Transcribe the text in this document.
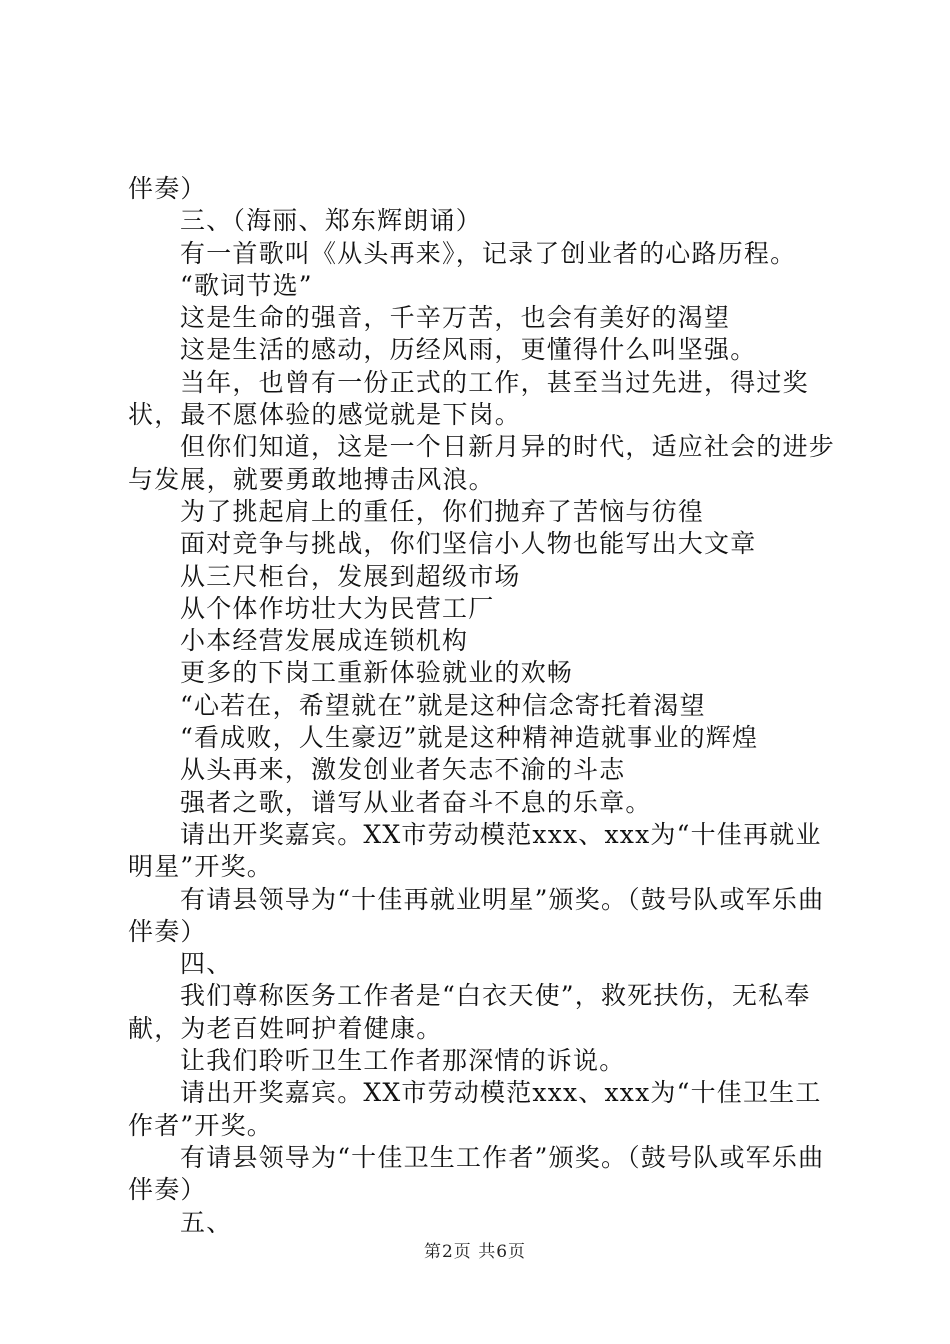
伴奏）

三、（海丽、郑东辉朗诵）

有一首歌叫《从头再来》，记录了创业者的心路历程。

“歌词节选”

这是生命的强音，千辛万苦，也会有美好的渴望

这是生活的感动，历经风雨，更懂得什么叫坚强。

当年，也曾有一份正式的工作，甚至当过先进，得过奖状，最不愿体验的感觉就是下岗。

但你们知道，这是一个日新月异的时代，适应社会的进步与发展，就要勇敢地搏击风浪。

为了挑起肩上的重任，你们抛弃了苦恼与彷徨

面对竞争与挑战，你们坚信小人物也能写出大文章

从三尺柜台，发展到超级市场

从个体作坊壮大为民营工厂

小本经营发展成连锁机构

更多的下岗工重新体验就业的欢畅

“心若在，希望就在”就是这种信念寄托着渴望

“看成败，人生豪迈”就是这种精神造就事业的辉煌

从头再来，激发创业者矢志不渝的斗志

强者之歌，谱写从业者奋斗不息的乐章。

请出开奖嘉宾。XX市劳动模范xxx、xxx为“十佳再就业明星”开奖。

有请县领导为“十佳再就业明星”颁奖。（鼓号队或军乐曲伴奏）

四、

我们尊称医务工作者是“白衣天使”，救死扶伤，无私奉献，为老百姓呵护着健康。

让我们聆听卫生工作者那深情的诉说。

请出开奖嘉宾。XX市劳动模范xxx、xxx为“十佳卫生工作者”开奖。

有请县领导为“十佳卫生工作者”颁奖。（鼓号队或军乐曲伴奏）

五、

第2页 共6页
